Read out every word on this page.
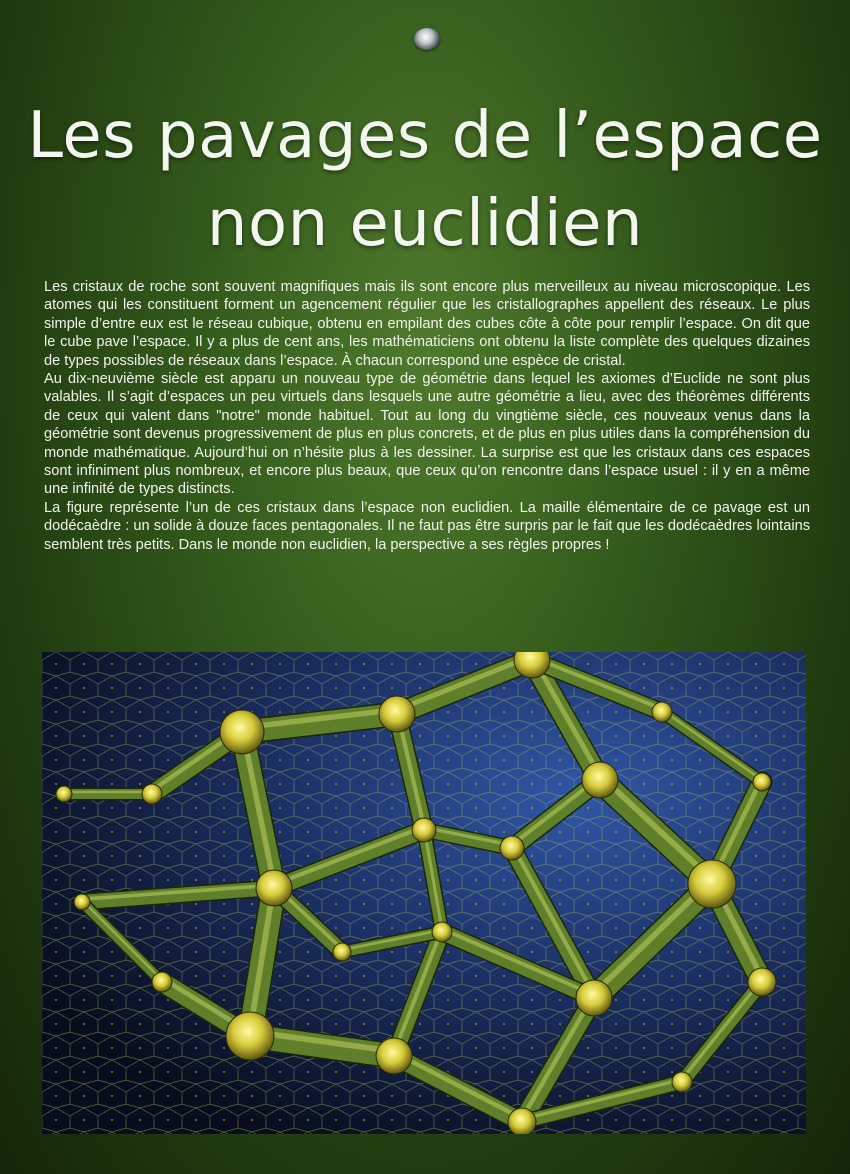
Les pavages de l’espace
non euclidien

Les cristaux de roche sont souvent magnifiques mais ils sont encore plus merveilleux au niveau microscopique. Les atomes qui les constituent forment un agencement régulier que les cristallographes appellent des réseaux. Le plus simple d’entre eux est le réseau cubique, obtenu en empilant des cubes côte à côte pour remplir l’espace. On dit que le cube pave l’espace. Il y a plus de cent ans, les mathématiciens ont obtenu la liste complète des quelques dizaines de types possibles de réseaux dans l’espace. À chacun correspond une espèce de cristal.

Au dix-neuvième siècle est apparu un nouveau type de géométrie dans lequel les axiomes d’Euclide ne sont plus valables. Il s’agit d’espaces un peu virtuels dans lesquels une autre géométrie a lieu, avec des théorèmes différents de ceux qui valent dans "notre" monde habituel. Tout au long du vingtième siècle, ces nouveaux venus dans la géométrie sont devenus progressivement de plus en plus concrets, et de plus en plus utiles dans la compréhension du monde mathématique. Aujourd’hui on n’hésite plus à les dessiner. La surprise est que les cristaux dans ces espaces sont infiniment plus nombreux, et encore plus beaux, que ceux qu’on rencontre dans l’espace usuel : il y en a même une infinité de types distincts.

La figure représente l’un de ces cristaux dans l’espace non euclidien. La maille élémentaire de ce pavage est un dodécaèdre : un solide à douze faces pentagonales. Il ne faut pas être surpris par le fait que les dodécaèdres lointains semblent très petits. Dans le monde non euclidien, la perspective a ses règles propres !
